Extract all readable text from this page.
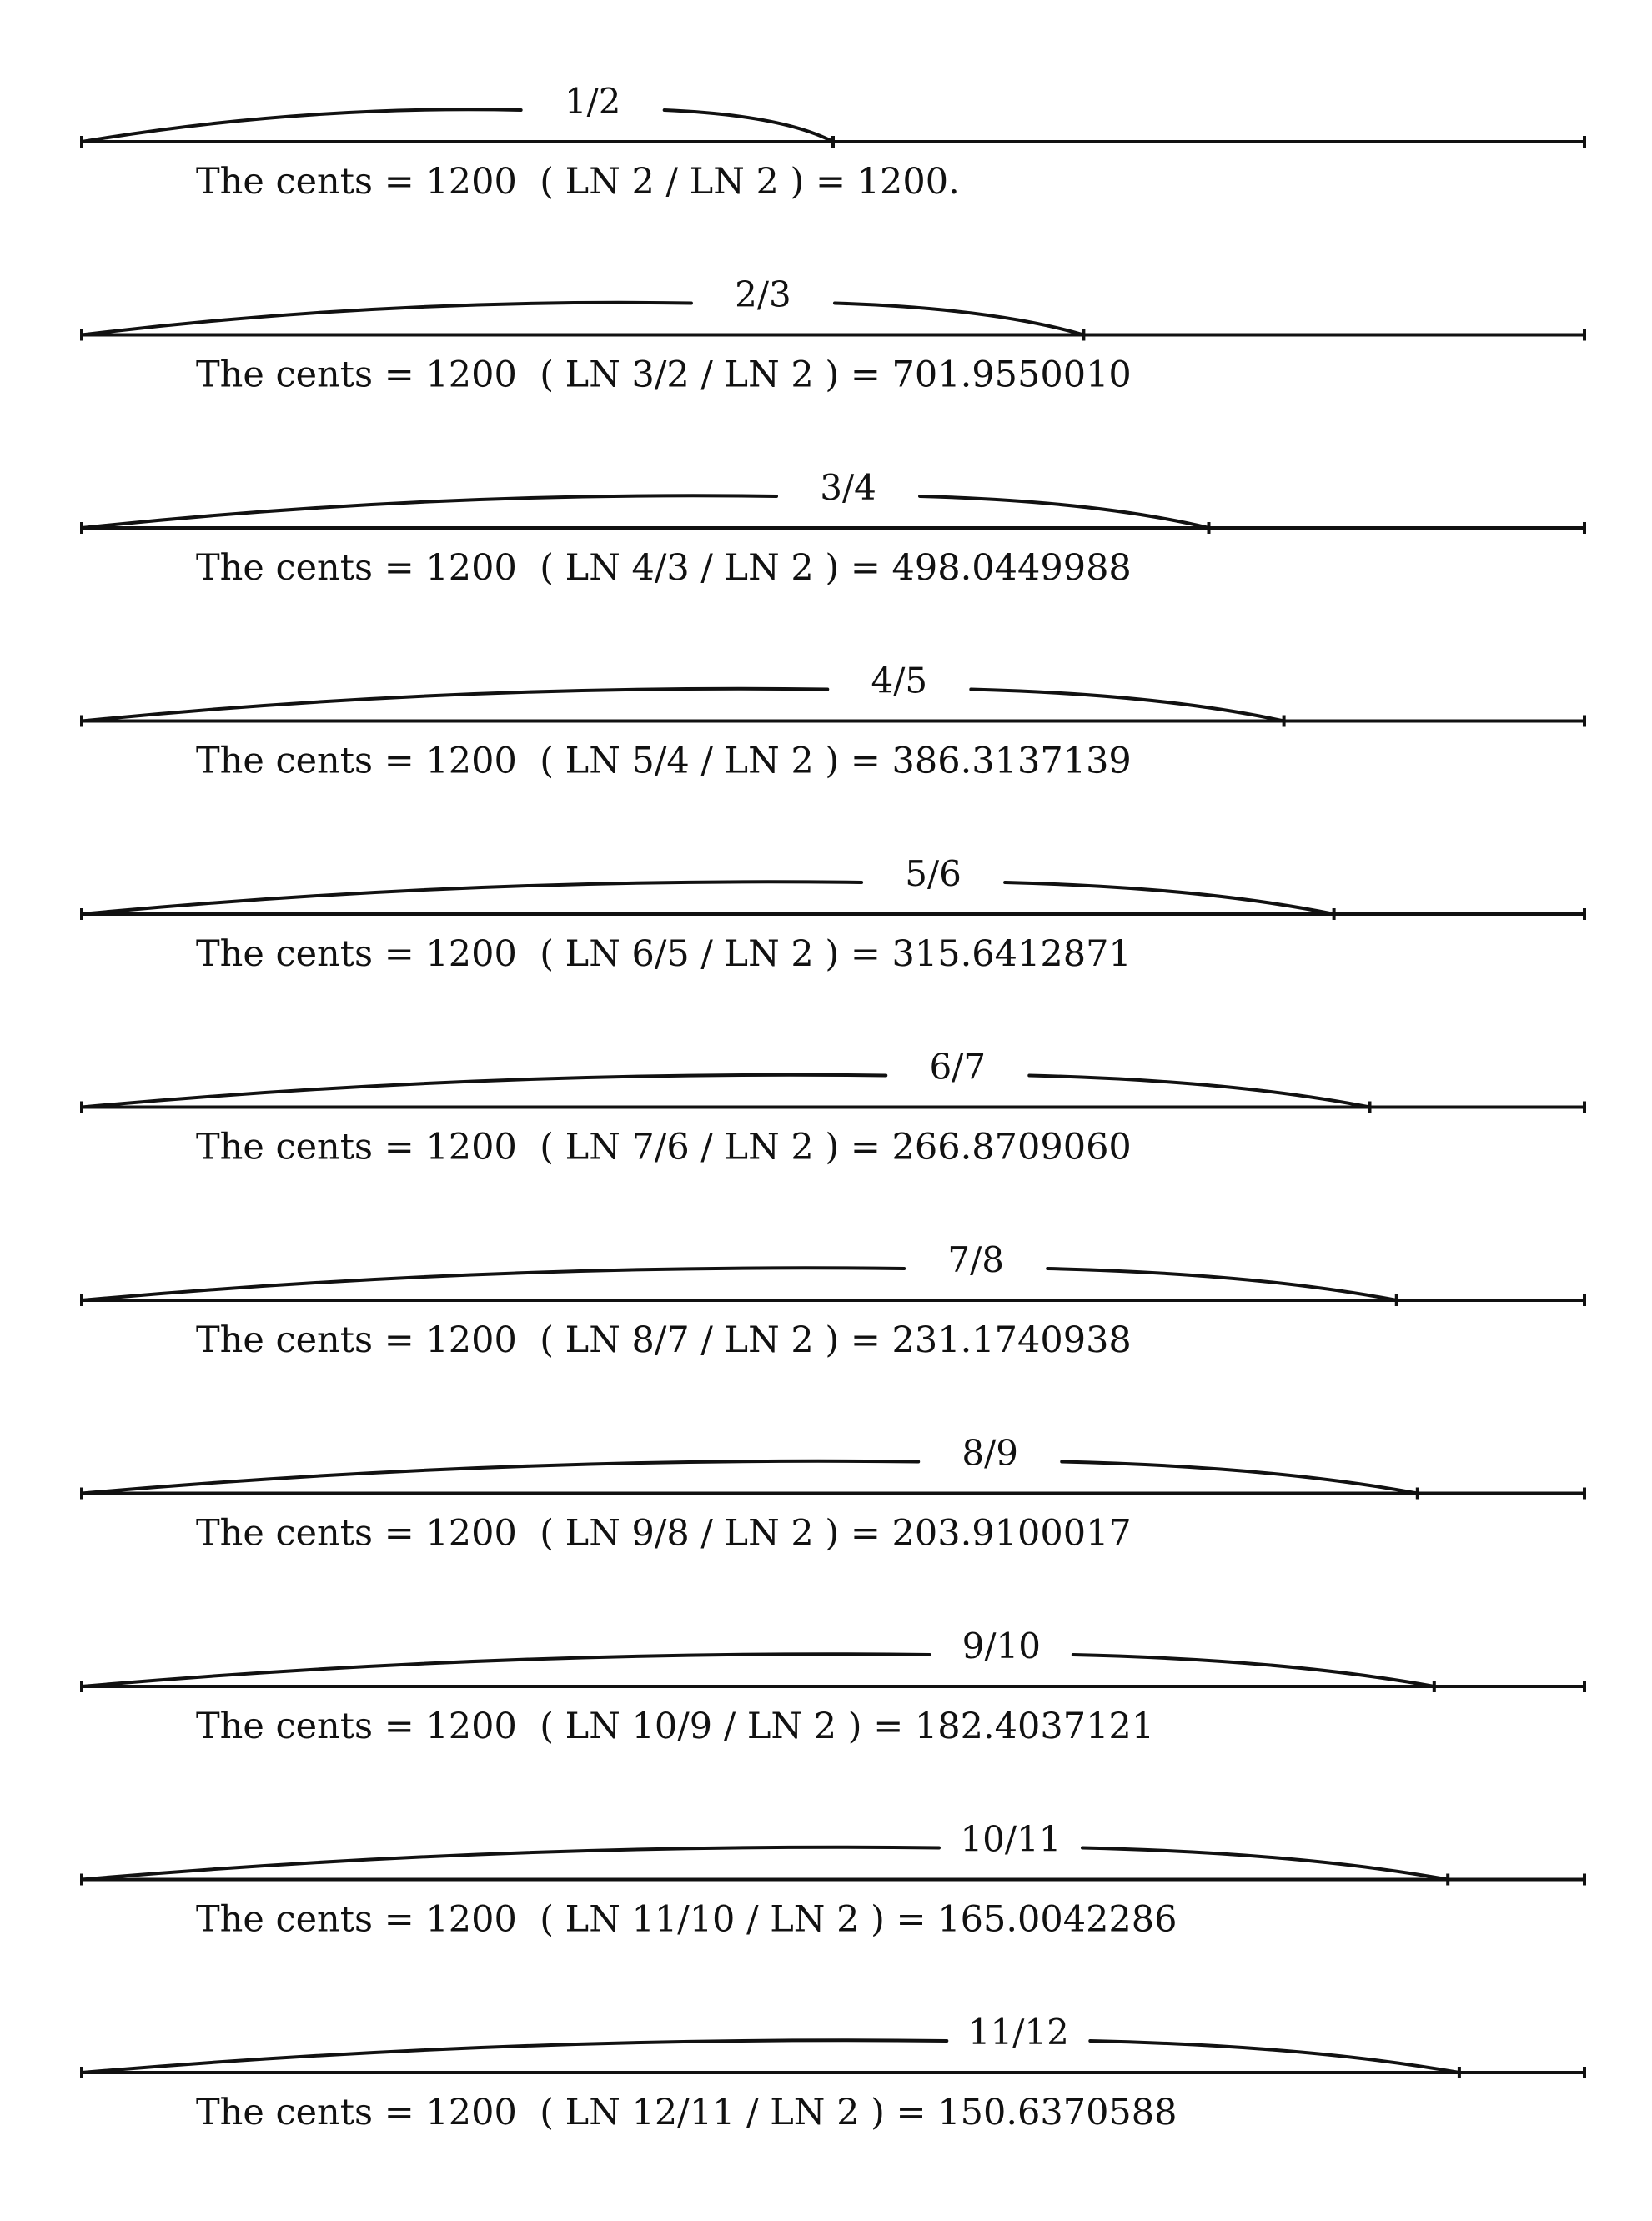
1/2
The cents = 1200  ( LN 2 / LN 2 ) = 1200.
2/3
The cents = 1200  ( LN 3/2 / LN 2 ) = 701.9550010
3/4
The cents = 1200  ( LN 4/3 / LN 2 ) = 498.0449988
4/5
The cents = 1200  ( LN 5/4 / LN 2 ) = 386.3137139
5/6
The cents = 1200  ( LN 6/5 / LN 2 ) = 315.6412871
6/7
The cents = 1200  ( LN 7/6 / LN 2 ) = 266.8709060
7/8
The cents = 1200  ( LN 8/7 / LN 2 ) = 231.1740938
8/9
The cents = 1200  ( LN 9/8 / LN 2 ) = 203.9100017
9/10
The cents = 1200  ( LN 10/9 / LN 2 ) = 182.4037121
10/11
The cents = 1200  ( LN 11/10 / LN 2 ) = 165.0042286
11/12
The cents = 1200  ( LN 12/11 / LN 2 ) = 150.6370588
